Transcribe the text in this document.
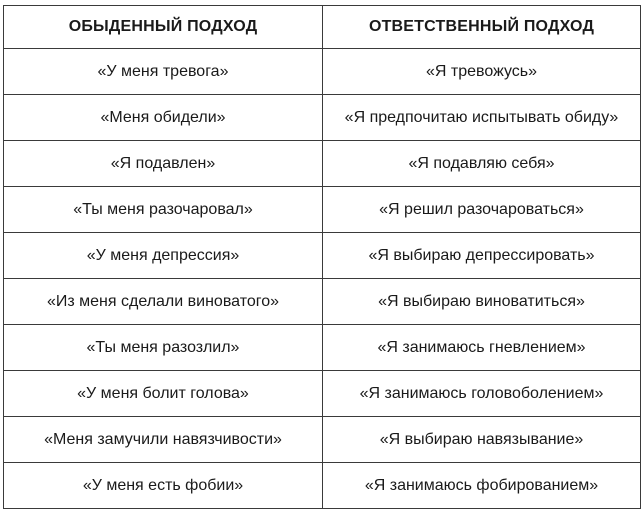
ОБЫДЕННЫЙ ПОДХОД	ОТВЕТСТВЕННЫЙ ПОДХОД
«У меня тревога»	«Я тревожусь»
«Меня обидели»	«Я предпочитаю испытывать обиду»
«Я подавлен»	«Я подавляю себя»
«Ты меня разочаровал»	«Я решил разочароваться»
«У меня депрессия»	«Я выбираю депрессировать»
«Из меня сделали виноватого»	«Я выбираю виноватиться»
«Ты меня разозлил»	«Я занимаюсь гневлением»
«У меня болит голова»	«Я занимаюсь головоболением»
«Меня замучили навязчивости»	«Я выбираю навязывание»
«У меня есть фобии»	«Я занимаюсь фобированием»
